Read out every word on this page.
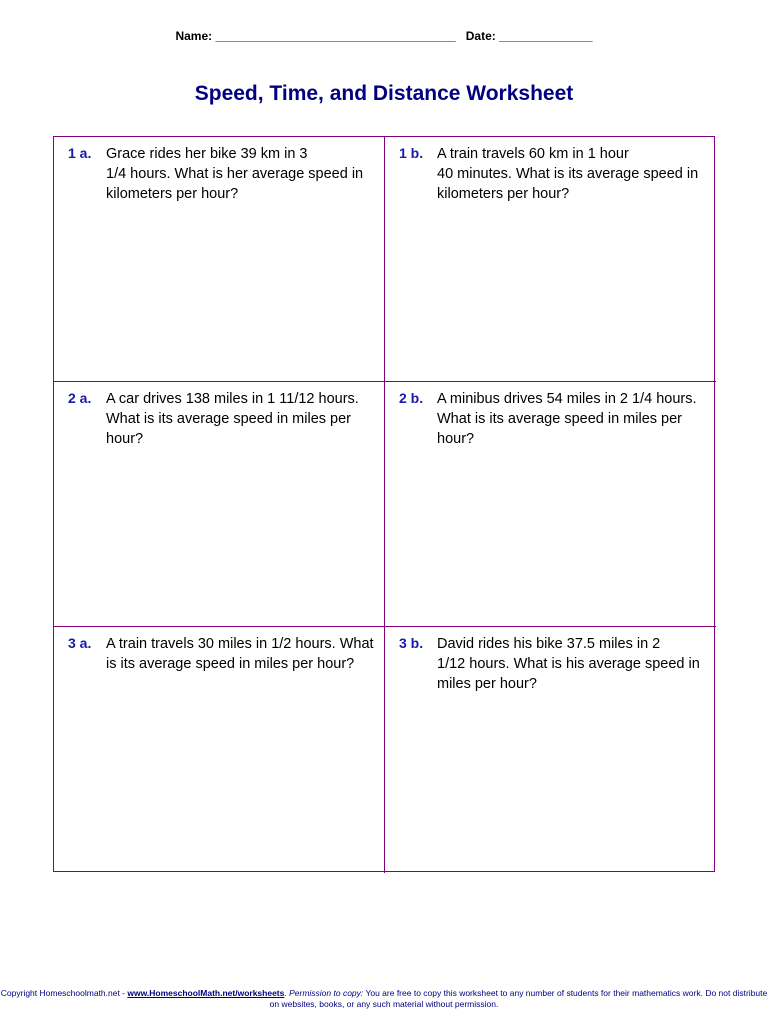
Name: ____________________________________ Date: ______________
Speed, Time, and Distance Worksheet
1 a. Grace rides her bike 39 km in 3
1/4 hours. What is her average speed in kilometers per hour?
1 b. A train travels 60 km in 1 hour
40 minutes. What is its average speed in kilometers per hour?
2 a. A car drives 138 miles in 1 11/12 hours. What is its average speed in miles per hour?
2 b. A minibus drives 54 miles in 2 1/4 hours. What is its average speed in miles per hour?
3 a. A train travels 30 miles in 1/2 hours. What is its average speed in miles per hour?
3 b. David rides his bike 37.5 miles in 2
1/12 hours. What is his average speed in miles per hour?
Copyright Homeschoolmath.net - www.HomeschoolMath.net/worksheets. Permission to copy: You are free to copy this worksheet to any number of students for their mathematics work. Do not distribute on websites, books, or any such material without permission.
